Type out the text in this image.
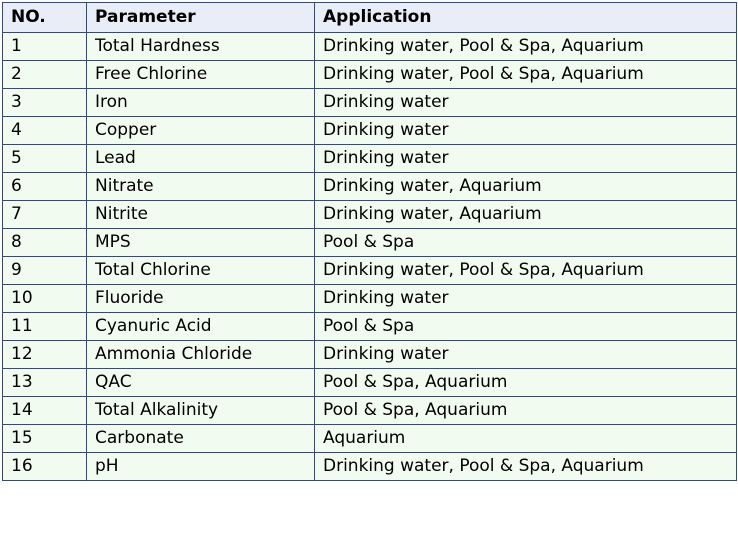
NO.	Parameter	Application
1	Total Hardness	Drinking water, Pool & Spa, Aquarium
2	Free Chlorine	Drinking water, Pool & Spa, Aquarium
3	Iron	Drinking water
4	Copper	Drinking water
5	Lead	Drinking water
6	Nitrate	Drinking water, Aquarium
7	Nitrite	Drinking water, Aquarium
8	MPS	Pool & Spa
9	Total Chlorine	Drinking water, Pool & Spa, Aquarium
10	Fluoride	Drinking water
11	Cyanuric Acid	Pool & Spa
12	Ammonia Chloride	Drinking water
13	QAC	Pool & Spa, Aquarium
14	Total Alkalinity	Pool & Spa, Aquarium
15	Carbonate	Aquarium
16	pH	Drinking water, Pool & Spa, Aquarium
